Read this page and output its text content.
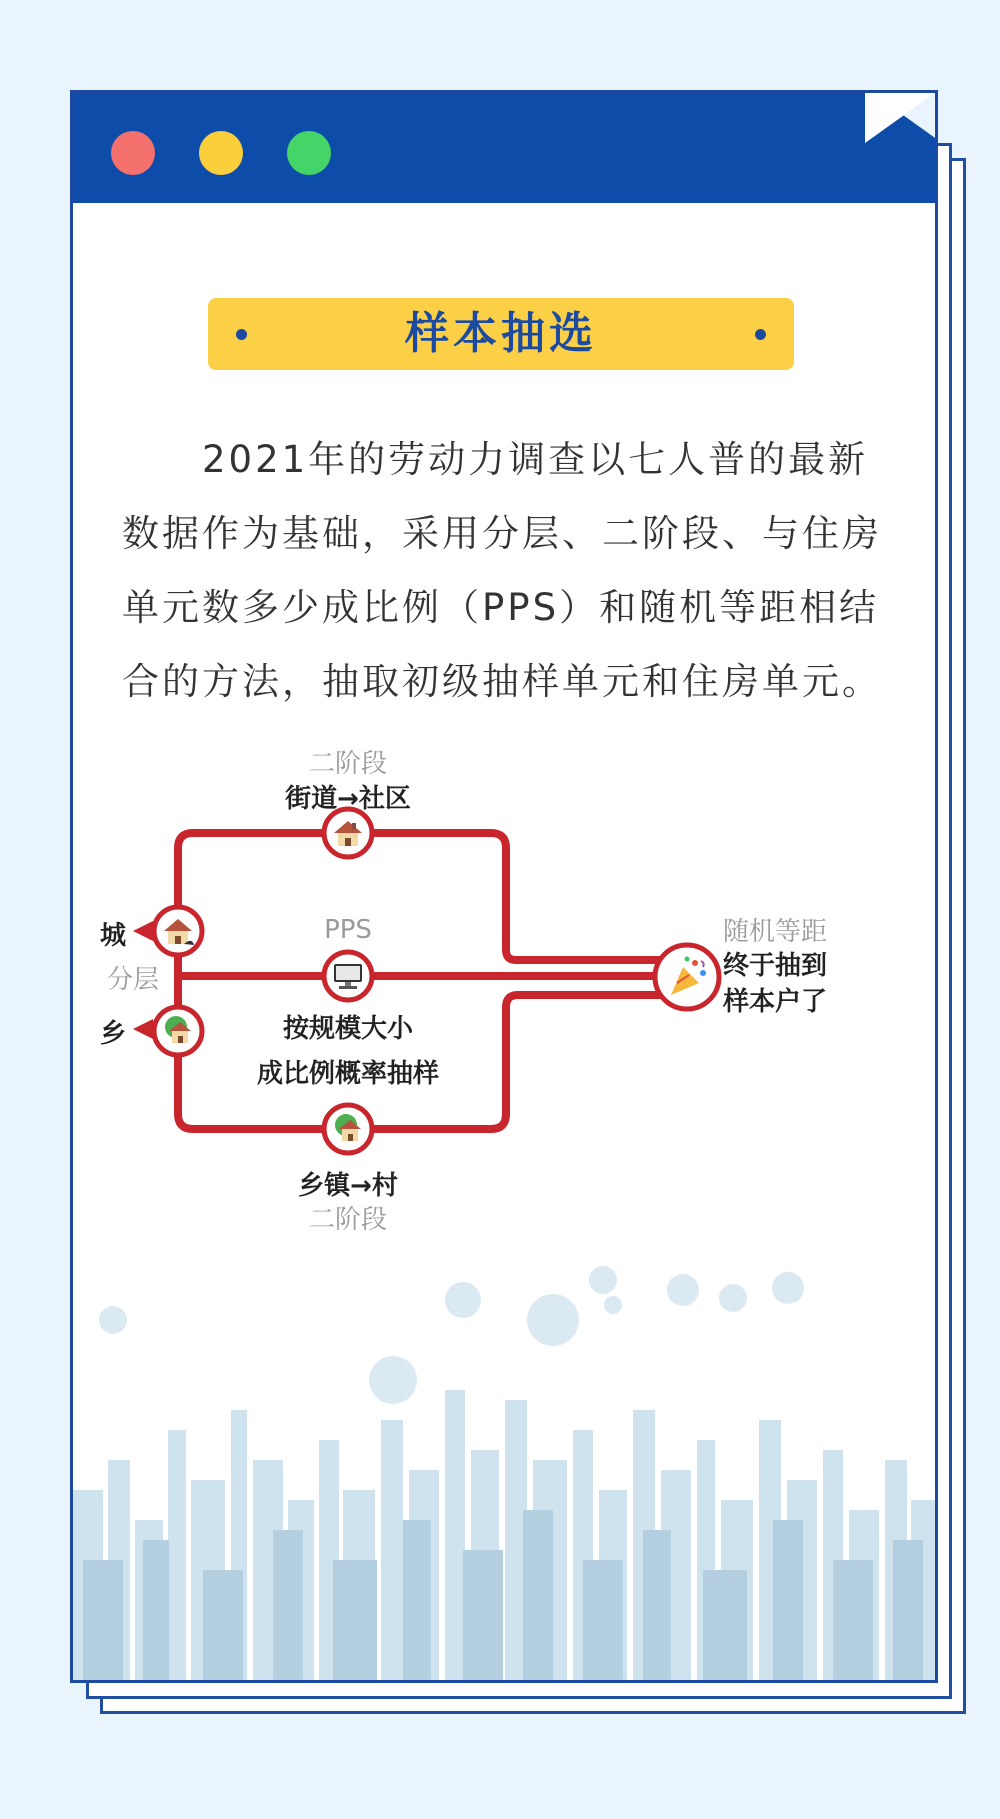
样本抽选
2021年的劳动力调查以七人普的最新数据作为基础，采用分层、二阶段、与住房单元数多少成比例（PPS）和随机等距相结合的方法，抽取初级抽样单元和住房单元。
二阶段
街道→社区
城
分层
乡
PPS
按规模大小
成比例概率抽样
乡镇→村
二阶段
随机等距
终于抽到
样本户了
